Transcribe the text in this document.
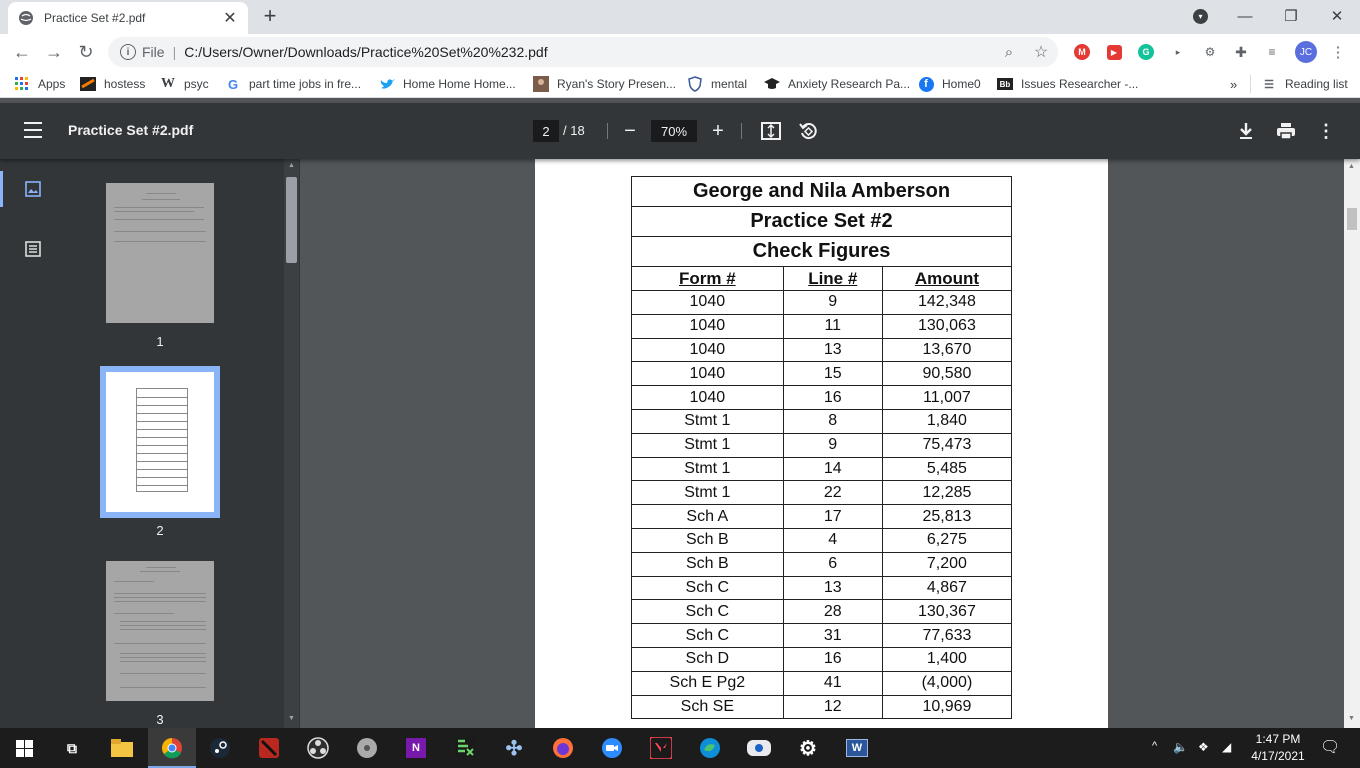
Practice Set #2.pdf	✕ +	▾	—	❐	✕
← → ↻	i File | C:/Users/Owner/Downloads/Practice%20Set%20%232.pdf	⌕	☆	M	▶	G	▸	⚙	✚	≡	JC	⋮
Apps	hostess W psyc G part time jobs in fre...	Home Home Home...	Ryan's Story Presen...	mental	Anxiety Research Pa...	f	Home0	Bb Issues Researcher -...	» ☰ Reading list
Practice Set #2.pdf	2	/ 18	−	70%	+	⋮
1
2
3
▲
▼
George and Nila Amberson		
Practice Set #2		
Check Figures		
Form #	Line #	Amount
1040	9	142,348
1040	11	130,063
1040	13	13,670
1040	15	90,580
1040	16	11,007
Stmt 1	8	1,840
Stmt 1	9	75,473
Stmt 1	14	5,485
Stmt 1	22	12,285
Sch A	17	25,813
Sch B	4	6,275
Sch B	6	7,200
Sch C	13	4,867
Sch C	28	130,367
Sch C	31	77,633
Sch D	16	1,400
Sch E Pg2	41	(4,000)
Sch SE	12	10,969
▲
▼
⧉	N	✣	⚙	W	^ 🔈 ❖ ◢
1:47 PM
4/17/2021 🗨
